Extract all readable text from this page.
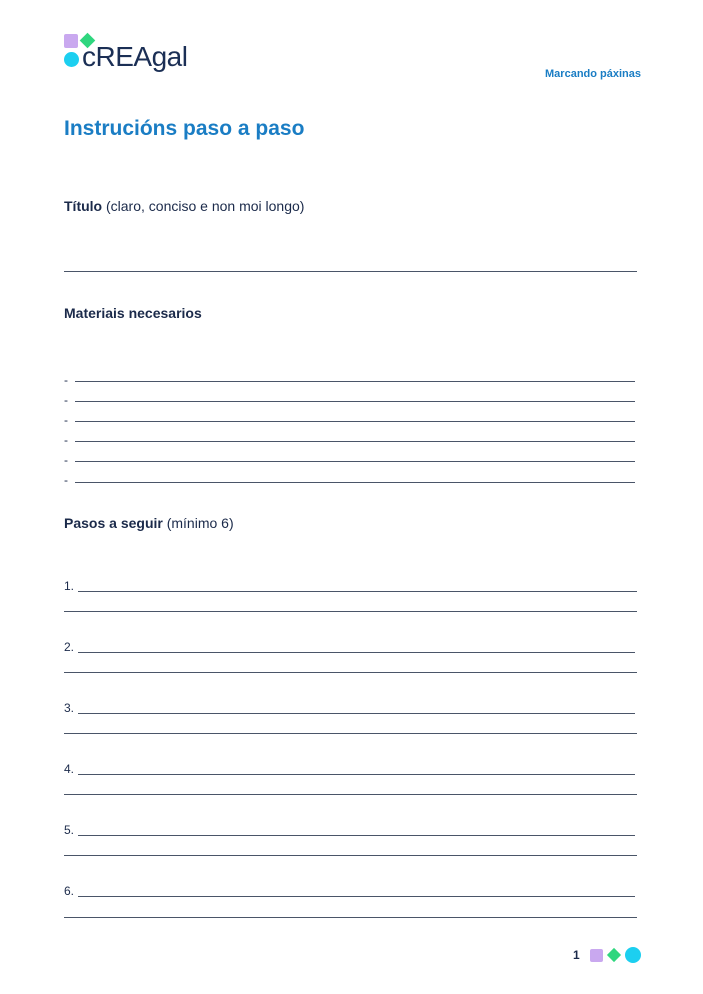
cREAgal
Marcando páxinas
Instrucións paso a paso
Título (claro, conciso e non moi longo)
Materiais necesarios
-
-
-
-
-
-
Pasos a seguir (mínimo 6)
1.
2.
3.
4.
5.
6.
1
